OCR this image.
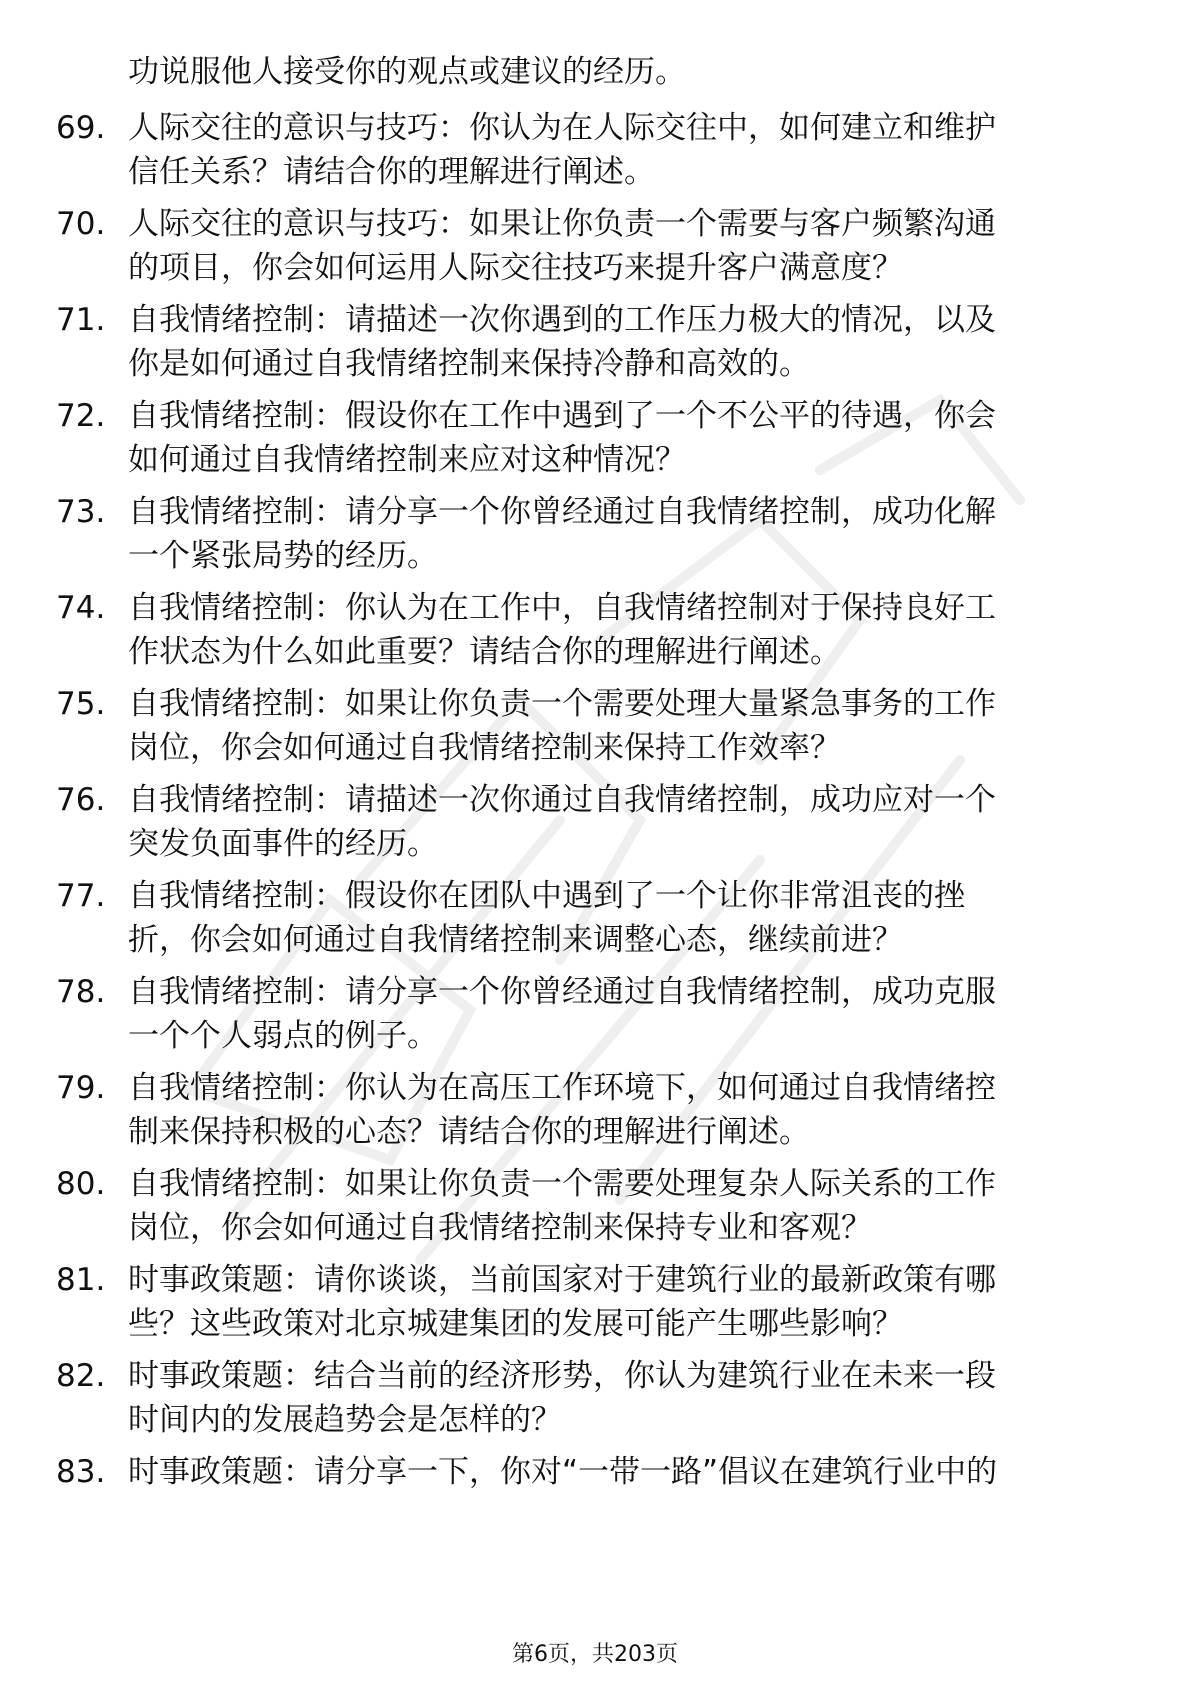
功说服他人接受你的观点或建议的经历。
69. 人际交往的意识与技巧：你认为在人际交往中，如何建立和维护
信任关系？请结合你的理解进行阐述。
70. 人际交往的意识与技巧：如果让你负责一个需要与客户频繁沟通
的项目，你会如何运用人际交往技巧来提升客户满意度？
71. 自我情绪控制：请描述一次你遇到的工作压力极大的情况，以及
你是如何通过自我情绪控制来保持冷静和高效的。
72. 自我情绪控制：假设你在工作中遇到了一个不公平的待遇，你会
如何通过自我情绪控制来应对这种情况？
73. 自我情绪控制：请分享一个你曾经通过自我情绪控制，成功化解
一个紧张局势的经历。
74. 自我情绪控制：你认为在工作中，自我情绪控制对于保持良好工
作状态为什么如此重要？请结合你的理解进行阐述。
75. 自我情绪控制：如果让你负责一个需要处理大量紧急事务的工作
岗位，你会如何通过自我情绪控制来保持工作效率？
76. 自我情绪控制：请描述一次你通过自我情绪控制，成功应对一个
突发负面事件的经历。
77. 自我情绪控制：假设你在团队中遇到了一个让你非常沮丧的挫
折，你会如何通过自我情绪控制来调整心态，继续前进？
78. 自我情绪控制：请分享一个你曾经通过自我情绪控制，成功克服
一个个人弱点的例子。
79. 自我情绪控制：你认为在高压工作环境下，如何通过自我情绪控
制来保持积极的心态？请结合你的理解进行阐述。
80. 自我情绪控制：如果让你负责一个需要处理复杂人际关系的工作
岗位，你会如何通过自我情绪控制来保持专业和客观？
81. 时事政策题：请你谈谈，当前国家对于建筑行业的最新政策有哪
些？这些政策对北京城建集团的发展可能产生哪些影响？
82. 时事政策题：结合当前的经济形势，你认为建筑行业在未来一段
时间内的发展趋势会是怎样的？
83. 时事政策题：请分享一下，你对“一带一路”倡议在建筑行业中的
第6页，共203页
